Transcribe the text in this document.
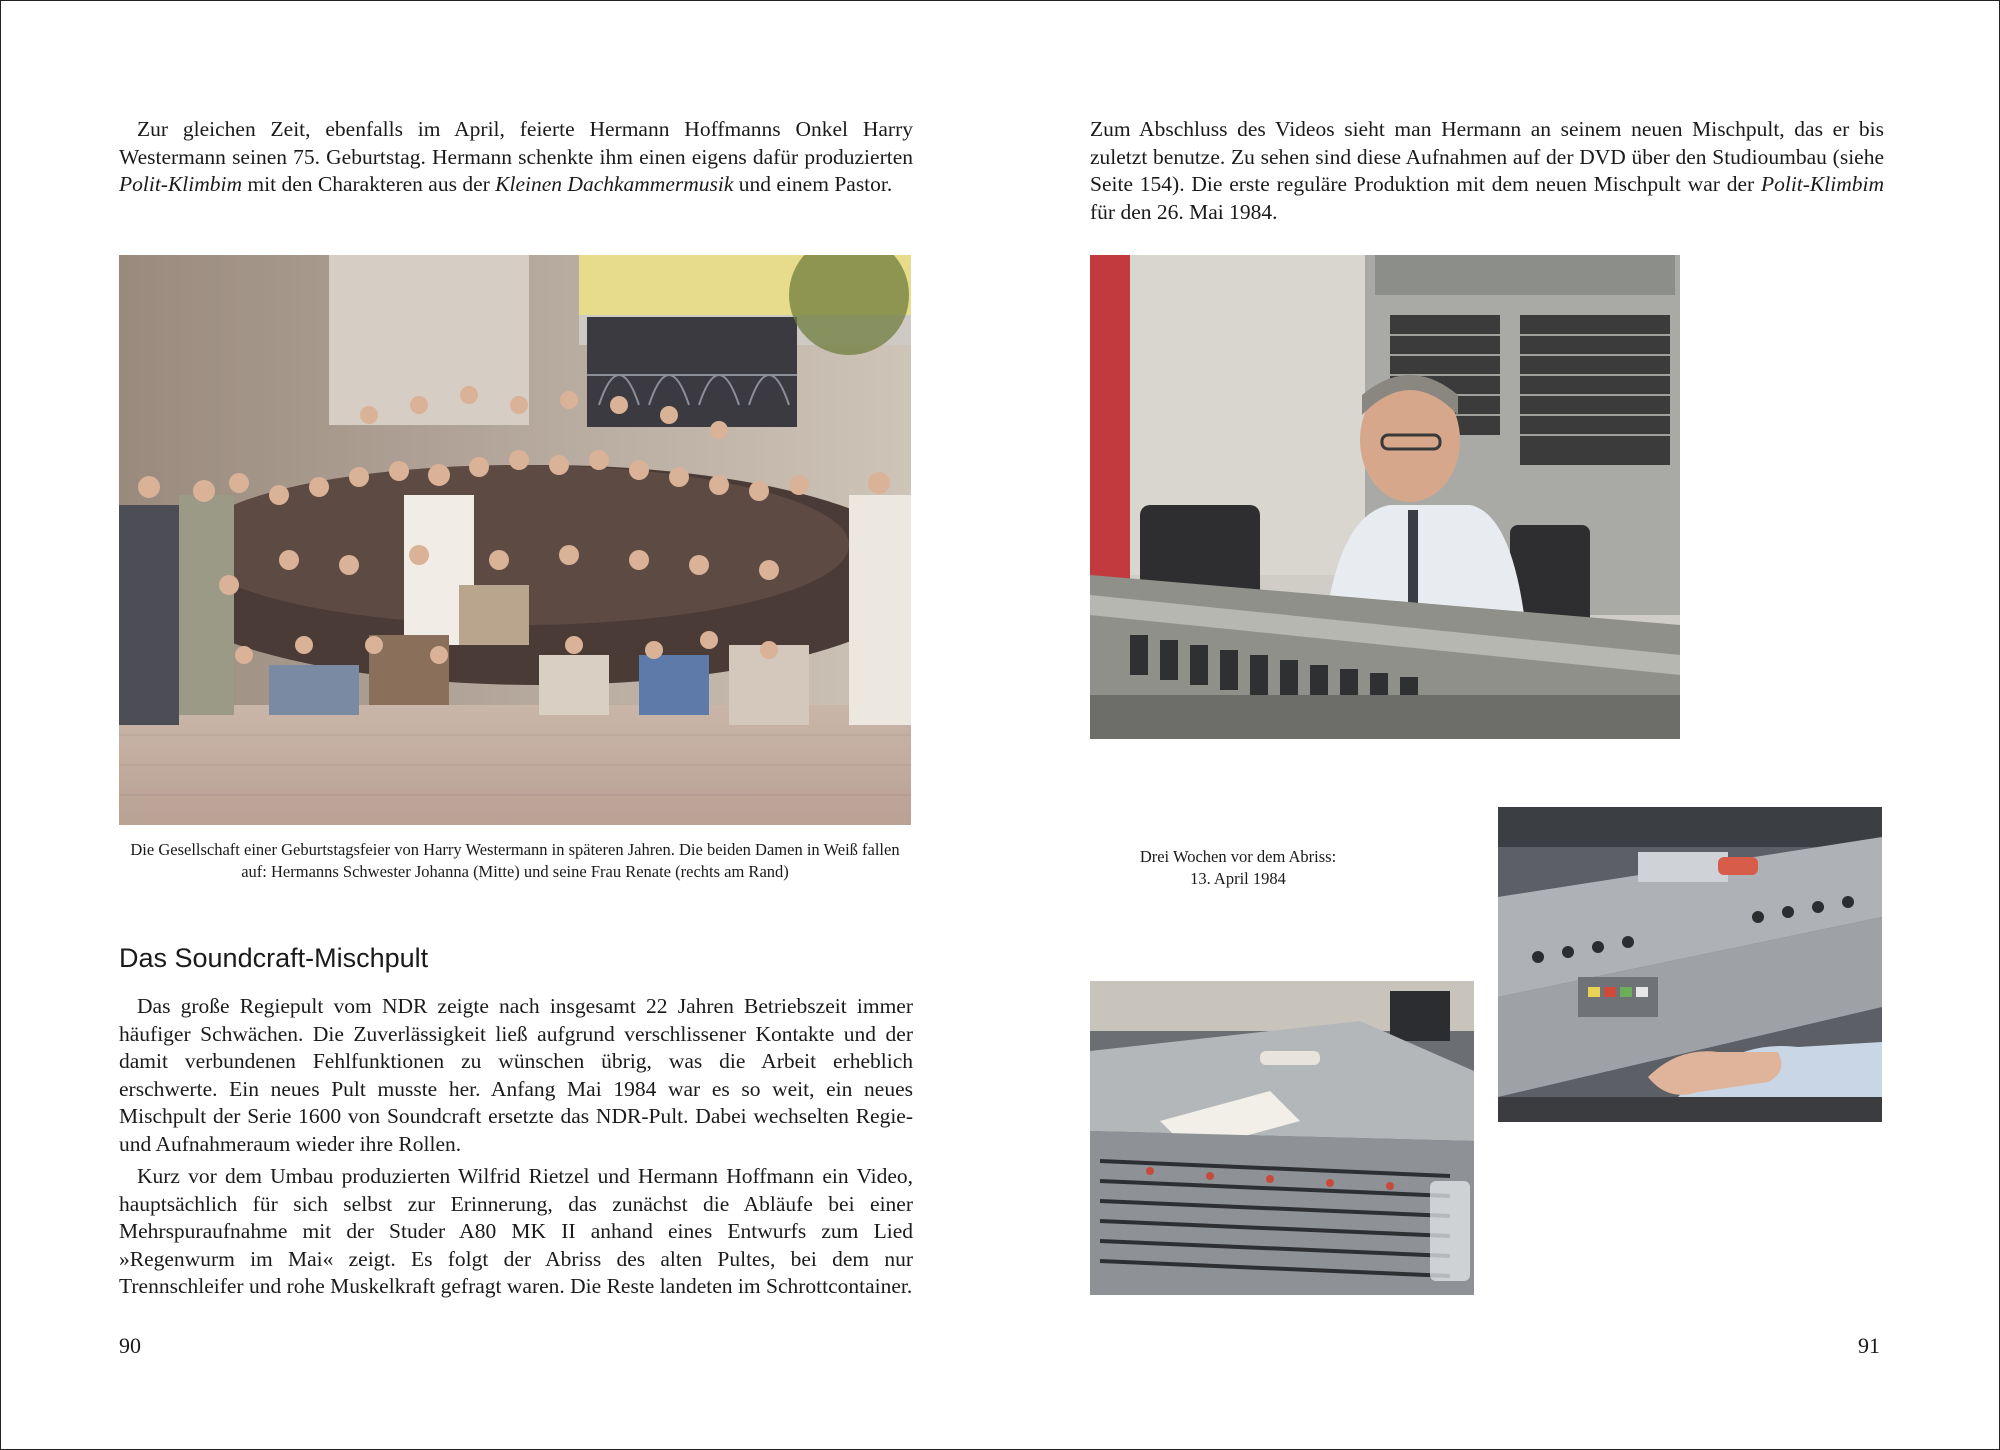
Zur gleichen Zeit, ebenfalls im April, feierte Hermann Hoffmanns Onkel Harry Westermann seinen 75. Geburtstag. Hermann schenkte ihm einen eigens dafür produzierten Polit-Klimbim mit den Charakteren aus der Kleinen Dachkammermusik und einem Pastor.

Die Gesellschaft einer Geburtstagsfeier von Harry Westermann in späteren Jahren. Die beiden Damen in Weiß fallen auf: Hermanns Schwester Johanna (Mitte) und seine Frau Renate (rechts am Rand)

Das Soundcraft-Mischpult

Das große Regiepult vom NDR zeigte nach insgesamt 22 Jahren Betriebszeit immer häufiger Schwächen. Die Zuverlässigkeit ließ aufgrund verschlissener Kontakte und der damit verbundenen Fehlfunktionen zu wünschen übrig, was die Arbeit erheblich erschwerte. Ein neues Pult musste her. Anfang Mai 1984 war es so weit, ein neues Mischpult der Serie 1600 von Soundcraft ersetzte das NDR-Pult. Dabei wechselten Regie- und Aufnahmeraum wieder ihre Rollen.

Kurz vor dem Umbau produzierten Wilfrid Rietzel und Hermann Hoffmann ein Video, hauptsächlich für sich selbst zur Erinnerung, das zunächst die Abläufe bei einer Mehrspuraufnahme mit der Studer A80 MK II anhand eines Entwurfs zum Lied »Regenwurm im Mai« zeigt. Es folgt der Abriss des alten Pultes, bei dem nur Trennschleifer und rohe Muskelkraft gefragt waren. Die Reste landeten im Schrottcontainer.

90

Zum Abschluss des Videos sieht man Hermann an seinem neuen Mischpult, das er bis zuletzt benutze. Zu sehen sind diese Aufnahmen auf der DVD über den Studioumbau (siehe Seite 154). Die erste reguläre Produktion mit dem neuen Mischpult war der Polit-Klimbim für den 26. Mai 1984.

Drei Wochen vor dem Abriss:
13. April 1984

91
